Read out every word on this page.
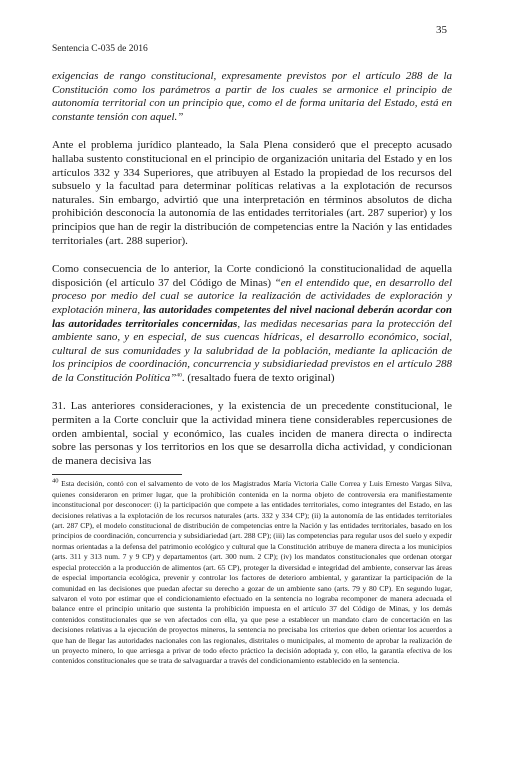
35
Sentencia C-035 de 2016

exigencias de rango constitucional, expresamente previstos por el artículo 288 de la Constitución como los parámetros a partir de los cuales se armonice el principio de autonomía territorial con un principio que, como el de forma unitaria del Estado, está en constante tensión con aquel.”

Ante el problema jurídico planteado, la Sala Plena consideró que el precepto acusado hallaba sustento constitucional en el principio de organización unitaria del Estado y en los artículos 332 y 334 Superiores, que atribuyen al Estado la propiedad de los recursos del subsuelo y la facultad para determinar políticas relativas a la explotación de recursos naturales. Sin embargo, advirtió que una interpretación en términos absolutos de dicha prohibición desconocía la autonomía de las entidades territoriales (art. 287 superior) y los principios que han de regir la distribución de competencias entre la Nación y las entidades territoriales (art. 288 superior).

Como consecuencia de lo anterior, la Corte condicionó la constitucionalidad de aquella disposición (el artículo 37 del Código de Minas) “en el entendido que, en desarrollo del proceso por medio del cual se autorice la realización de actividades de exploración y explotación minera, las autoridades competentes del nivel nacional deberán acordar con las autoridades territoriales concernidas, las medidas necesarias para la protección del ambiente sano, y en especial, de sus cuencas hídricas, el desarrollo económico, social, cultural de sus comunidades y la salubridad de la población, mediante la aplicación de los principios de coordinación, concurrencia y subsidiariedad previstos en el artículo 288 de la Constitución Política”$^{40}$. (resaltado fuera de texto original)

31. Las anteriores consideraciones, y la existencia de un precedente constitucional, le permiten a la Corte concluir que la actividad minera tiene considerables repercusiones de orden ambiental, social y económico, las cuales inciden de manera directa o indirecta sobre las personas y los territorios en los que se desarrolla dicha actividad, y condicionan de manera decisiva las

$^{40}$ Esta decisión, contó con el salvamento de voto de los Magistrados María Victoria Calle Correa y Luis Ernesto Vargas Silva, quienes consideraron en primer lugar, que la prohibición contenida en la norma objeto de controversia era manifiestamente inconstitucional por desconocer: (i) la participación que compete a las entidades territoriales, como integrantes del Estado, en las decisiones relativas a la explotación de los recursos naturales (arts. 332 y 334 CP); (ii) la autonomía de las entidades territoriales (art. 287 CP), el modelo constitucional de distribución de competencias entre la Nación y las entidades territoriales, basado en los principios de coordinación, concurrencia y subsidiariedad (art. 288 CP); (iii) las competencias para regular usos del suelo y expedir normas orientadas a la defensa del patrimonio ecológico y cultural que la Constitución atribuye de manera directa a los municipios (arts. 311 y 313 num. 7 y 9 CP) y departamentos (art. 300 num. 2 CP); (iv) los mandatos constitucionales que ordenan otorgar especial protección a la producción de alimentos (art. 65 CP), proteger la diversidad e integridad del ambiente, conservar las áreas de especial importancia ecológica, prevenir y controlar los factores de deterioro ambiental, y garantizar la participación de la comunidad en las decisiones que puedan afectar su derecho a gozar de un ambiente sano (arts. 79 y 80 CP). En segundo lugar, salvaron el voto por estimar que el condicionamiento efectuado en la sentencia no lograba recomponer de manera adecuada el balance entre el principio unitario que sustenta la prohibición impuesta en el artículo 37 del Código de Minas, y los demás contenidos constitucionales que se ven afectados con ella, ya que pese a establecer un mandato claro de concertación en las decisiones relativas a la ejecución de proyectos mineros, la sentencia no precisaba los criterios que deben orientar los acuerdos a que han de llegar las autoridades nacionales con las regionales, distritales o municipales, al momento de aprobar la realización de un proyecto minero, lo que arriesga a privar de todo efecto práctico la decisión adoptada y, con ello, la garantía efectiva de los contenidos constitucionales que se trata de salvaguardar a través del condicionamiento establecido en la sentencia.
